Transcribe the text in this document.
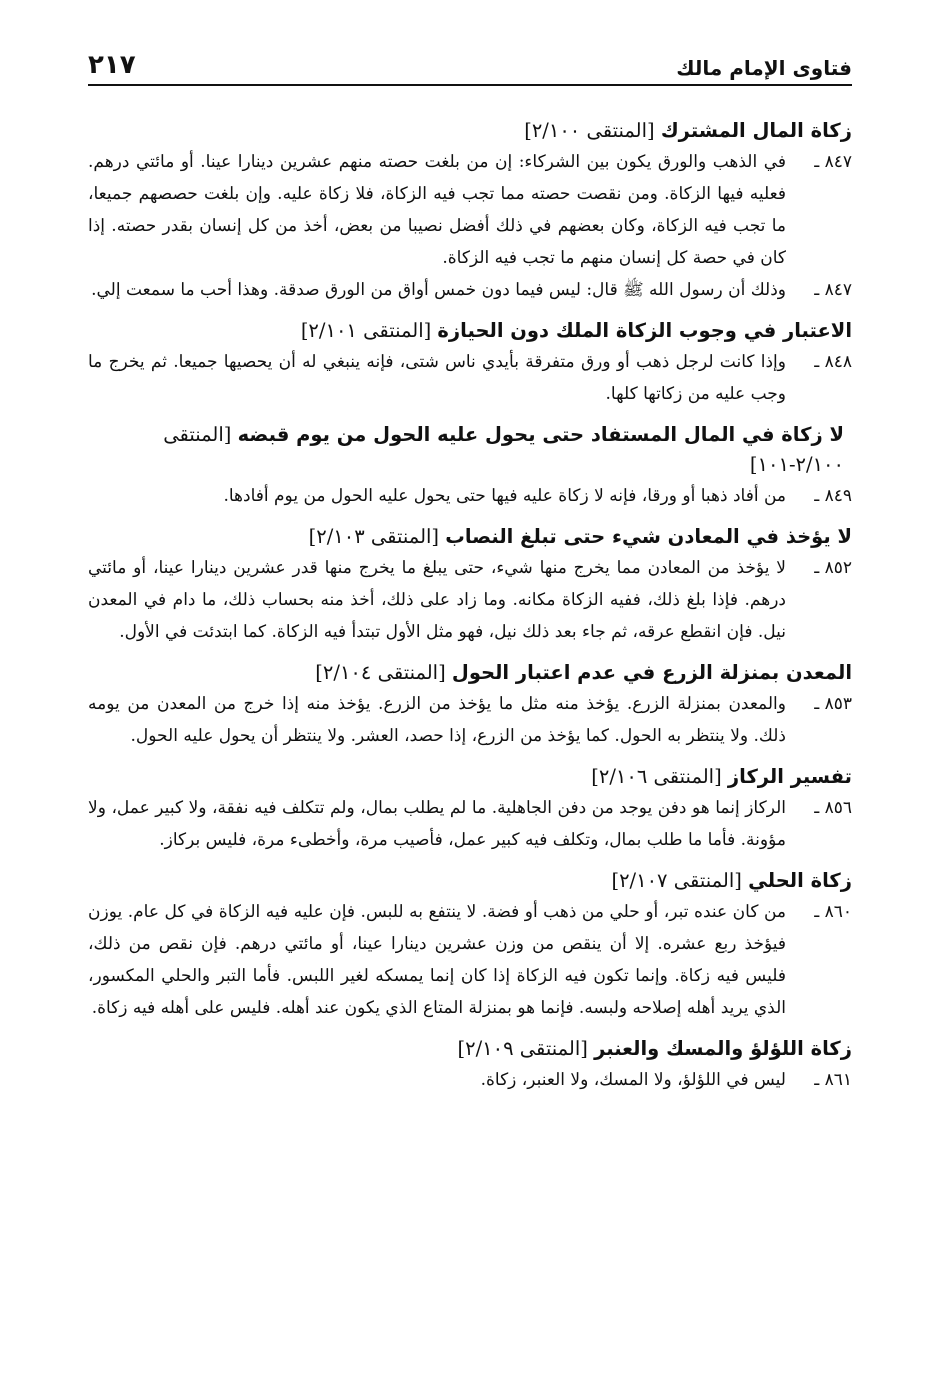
فتاوى الإمام مالك
٢١٧

زكاة المال المشترك [المنتقى ٢/١٠٠]

٨٤٧ ـ
في الذهب والورق يكون بين الشركاء: إن من بلغت حصته منهم عشرين دينارا عينا. أو مائتي درهم. فعليه فيها الزكاة. ومن نقصت حصته مما تجب فيه الزكاة، فلا زكاة عليه. وإن بلغت حصصهم جميعا، ما تجب فيه الزكاة، وكان بعضهم في ذلك أفضل نصيبا من بعض، أخذ من كل إنسان بقدر حصته. إذا كان في حصة كل إنسان منهم ما تجب فيه الزكاة.
٨٤٧ ـ
وذلك أن رسول الله ﷺ قال: ليس فيما دون خمس أواق من الورق صدقة. وهذا أحب ما سمعت إلي.

الاعتبار في وجوب الزكاة الملك دون الحيازة [المنتقى ٢/١٠١]

٨٤٨ ـ
وإذا كانت لرجل ذهب أو ورق متفرقة بأيدي ناس شتى، فإنه ينبغي له أن يحصيها جميعا. ثم يخرج ما وجب عليه من زكاتها كلها.

لا زكاة في المال المستفاد حتى يحول عليه الحول من يوم قبضه [المنتقى ٢/١٠٠-١٠١]

٨٤٩ ـ
من أفاد ذهبا أو ورقا، فإنه لا زكاة عليه فيها حتى يحول عليه الحول من يوم أفادها.

لا يؤخذ في المعادن شيء حتى تبلغ النصاب [المنتقى ٢/١٠٣]

٨٥٢ ـ
لا يؤخذ من المعادن مما يخرج منها شيء، حتى يبلغ ما يخرج منها قدر عشرين دينارا عينا، أو مائتي درهم. فإذا بلغ ذلك، ففيه الزكاة مكانه. وما زاد على ذلك، أخذ منه بحساب ذلك، ما دام في المعدن نيل. فإن انقطع عرقه، ثم جاء بعد ذلك نيل، فهو مثل الأول تبتدأ فيه الزكاة. كما ابتدئت في الأول.

المعدن بمنزلة الزرع في عدم اعتبار الحول [المنتقى ٢/١٠٤]

٨٥٣ ـ
والمعدن بمنزلة الزرع. يؤخذ منه مثل ما يؤخذ من الزرع. يؤخذ منه إذا خرج من المعدن من يومه ذلك. ولا ينتظر به الحول. كما يؤخذ من الزرع، إذا حصد، العشر. ولا ينتظر أن يحول عليه الحول.

تفسير الركاز [المنتقى ٢/١٠٦]

٨٥٦ ـ
الركاز إنما هو دفن يوجد من دفن الجاهلية. ما لم يطلب بمال، ولم تتكلف فيه نفقة، ولا كبير عمل، ولا مؤونة. فأما ما طلب بمال، وتكلف فيه كبير عمل، فأصيب مرة، وأخطىء مرة، فليس بركاز.

زكاة الحلي [المنتقى ٢/١٠٧]

٨٦٠ ـ
من كان عنده تبر، أو حلي من ذهب أو فضة. لا ينتفع به للبس. فإن عليه فيه الزكاة في كل عام. يوزن فيؤخذ ربع عشره. إلا أن ينقص من وزن عشرين دينارا عينا، أو مائتي درهم. فإن نقص من ذلك، فليس فيه زكاة. وإنما تكون فيه الزكاة إذا كان إنما يمسكه لغير اللبس. فأما التبر والحلي المكسور، الذي يريد أهله إصلاحه ولبسه. فإنما هو بمنزلة المتاع الذي يكون عند أهله. فليس على أهله فيه زكاة.

زكاة اللؤلؤ والمسك والعنبر [المنتقى ٢/١٠٩]

٨٦١ ـ
ليس في اللؤلؤ، ولا المسك، ولا العنبر، زكاة.
